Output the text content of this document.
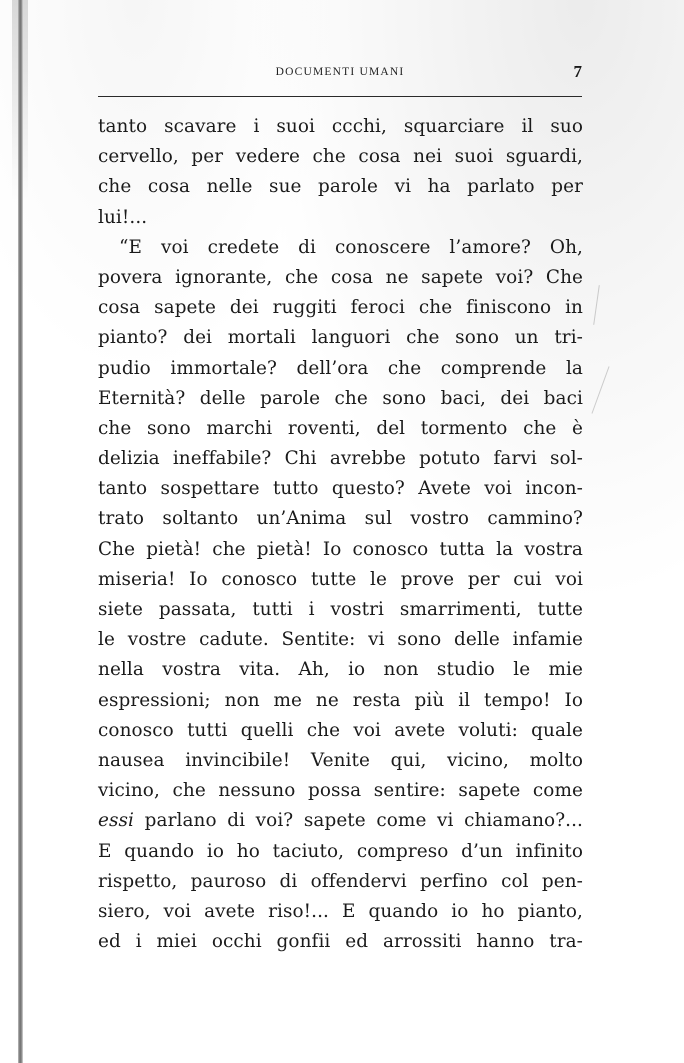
DOCUMENTI UMANI	7
tanto scavare i suoi ccchi, squarciare il suo
cervello, per vedere che cosa nei suoi sguardi,
che cosa nelle sue parole vi ha parlato per
lui!...
“E voi credete di conoscere l’amore? Oh,
povera ignorante, che cosa ne sapete voi? Che
cosa sapete dei ruggiti feroci che finiscono in
pianto? dei mortali languori che sono un tri-
pudio immortale? dell’ora che comprende la
Eternità? delle parole che sono baci, dei baci
che sono marchi roventi, del tormento che è
delizia ineffabile? Chi avrebbe potuto farvi sol-
tanto sospettare tutto questo? Avete voi incon-
trato soltanto un’Anima sul vostro cammino?
Che pietà! che pietà! Io conosco tutta la vostra
miseria! Io conosco tutte le prove per cui voi
siete passata, tutti i vostri smarrimenti, tutte
le vostre cadute. Sentite: vi sono delle infamie
nella vostra vita. Ah, io non studio le mie
espressioni; non me ne resta più il tempo! Io
conosco tutti quelli che voi avete voluti: quale
nausea invincibile! Venite qui, vicino, molto
vicino, che nessuno possa sentire: sapete come
essi parlano di voi? sapete come vi chiamano?...
E quando io ho taciuto, compreso d’un infinito
rispetto, pauroso di offendervi perfino col pen-
siero, voi avete riso!... E quando io ho pianto,
ed i miei occhi gonfii ed arrossiti hanno tra-
